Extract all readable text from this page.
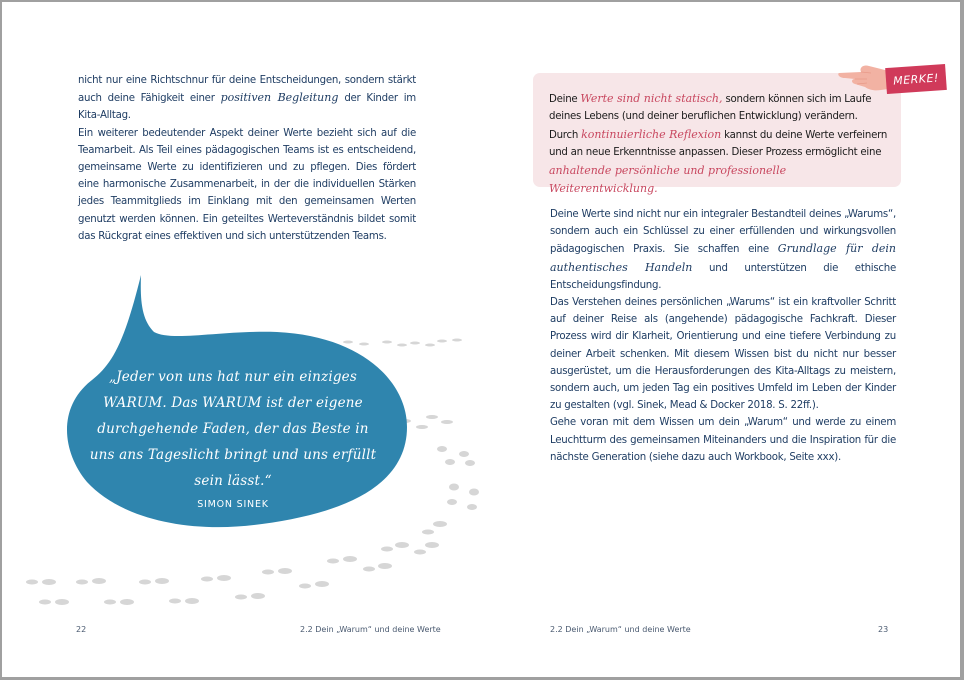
nicht nur eine Richtschnur für deine Entscheidungen, sondern stärkt auch deine Fähigkeit einer positiven Begleitung der Kinder im Kita-Alltag.

Ein weiterer bedeutender Aspekt deiner Werte bezieht sich auf die Teamarbeit. Als Teil eines pädagogischen Teams ist es entscheidend, gemeinsame Werte zu identifizieren und zu pflegen. Dies fördert eine harmonische Zusammenarbeit, in der die individuellen Stärken jedes Teammitglieds im Einklang mit den gemeinsamen Werten genutzt werden können. Ein geteiltes Werteverständnis bildet somit das Rückgrat eines effektiven und sich unterstützenden Teams.

„Jeder von uns hat nur ein einziges WARUM. Das WARUM ist der eigene durchgehende Faden, der das Beste in uns ans Tageslicht bringt und uns erfüllt sein lässt.“
SIMON SINEK
22	2.2 Dein „Warum“ und deine Werte
Deine Werte sind nicht statisch, sondern können sich im Laufe deines Lebens (und deiner beruflichen Entwicklung) verändern. Durch kontinuierliche Reflexion kannst du deine Werte verfeinern und an neue Erkenntnisse anpassen. Dieser Prozess ermöglicht eine anhaltende persönliche und professionelle Weiterentwicklung.
MERKE!

Deine Werte sind nicht nur ein integraler Bestandteil deines „Warums“, sondern auch ein Schlüssel zu einer erfüllenden und wirkungsvollen pädagogischen Praxis. Sie schaffen eine Grundlage für dein authentisches Handeln und unterstützen die ethische Entscheidungsfindung.

Das Verstehen deines persönlichen „Warums“ ist ein kraftvoller Schritt auf deiner Reise als (angehende) pädagogische Fachkraft. Dieser Prozess wird dir Klarheit, Orientierung und eine tiefere Verbindung zu deiner Arbeit schenken. Mit diesem Wissen bist du nicht nur besser ausgerüstet, um die Herausforderungen des Kita-Alltags zu meistern, sondern auch, um jeden Tag ein positives Umfeld im Leben der Kinder zu gestalten (vgl. Sinek, Mead & Docker 2018. S. 22ff.).

Gehe voran mit dem Wissen um dein „Warum“ und werde zu einem Leuchtturm des gemeinsamen Miteinanders und die Inspiration für die nächste Generation (siehe dazu auch Workbook, Seite xxx).

2.2 Dein „Warum“ und deine Werte	23
